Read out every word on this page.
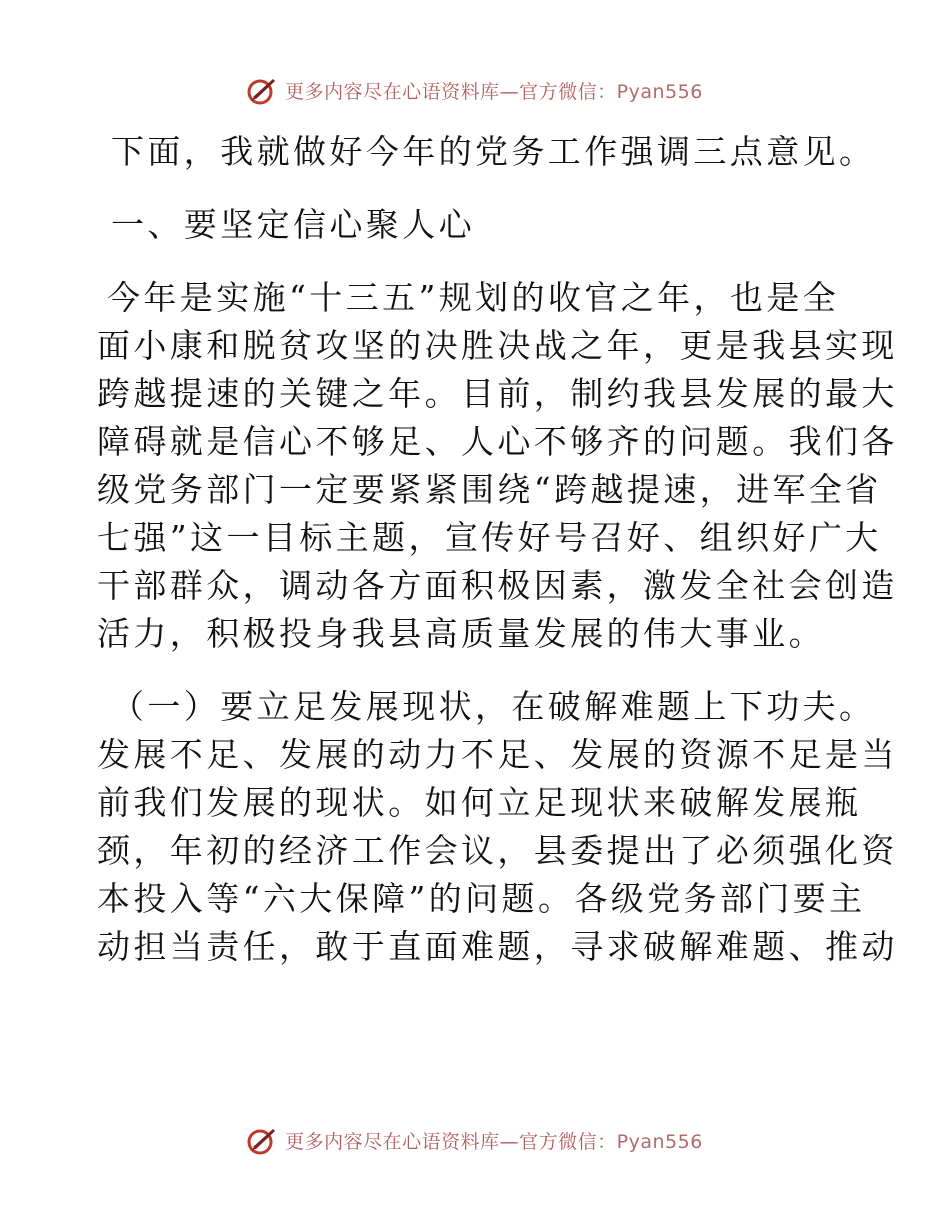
更多内容尽在心语资料库—官方微信：Pyan556
下面，我就做好今年的党务工作强调三点意见。
一、要坚定信心聚人心
今年是实施“十三五”规划的收官之年，也是全
面小康和脱贫攻坚的决胜决战之年，更是我县实现
跨越提速的关键之年。目前，制约我县发展的最大
障碍就是信心不够足、人心不够齐的问题。我们各
级党务部门一定要紧紧围绕“跨越提速，进军全省
七强”这一目标主题，宣传好号召好、组织好广大
干部群众，调动各方面积极因素，激发全社会创造
活力，积极投身我县高质量发展的伟大事业。
（一）要立足发展现状，在破解难题上下功夫。
发展不足、发展的动力不足、发展的资源不足是当
前我们发展的现状。如何立足现状来破解发展瓶
颈，年初的经济工作会议，县委提出了必须强化资
本投入等“六大保障”的问题。各级党务部门要主
动担当责任，敢于直面难题，寻求破解难题、推动
更多内容尽在心语资料库—官方微信：Pyan556
